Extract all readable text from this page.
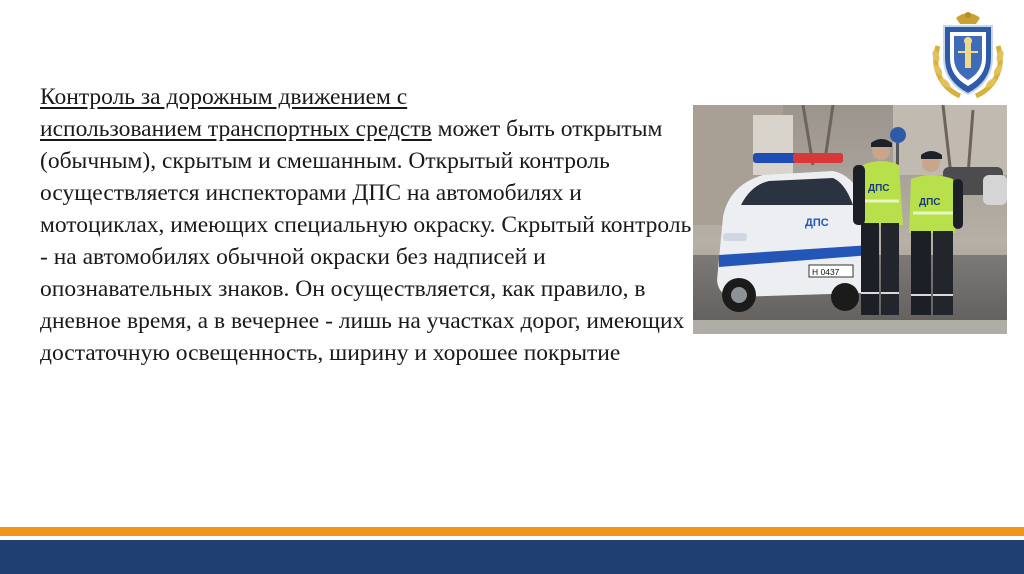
Контроль за дорожным движением с
использованием транспортных средств может быть открытым (обычным), скрытым и смешанным. Открытый контроль осуществляется инспекторами ДПС на автомобилях и мотоциклах, имеющих специальную окраску. Скрытый контроль - на автомобилях обычной окраски без надписей и опознавательных знаков. Он осуществляется, как правило, в дневное время, а в вечернее - лишь на участках дорог, имеющих достаточную освещенность, ширину и хорошее покрытие
ДПС
Н 0437
ДПС
ДПС
